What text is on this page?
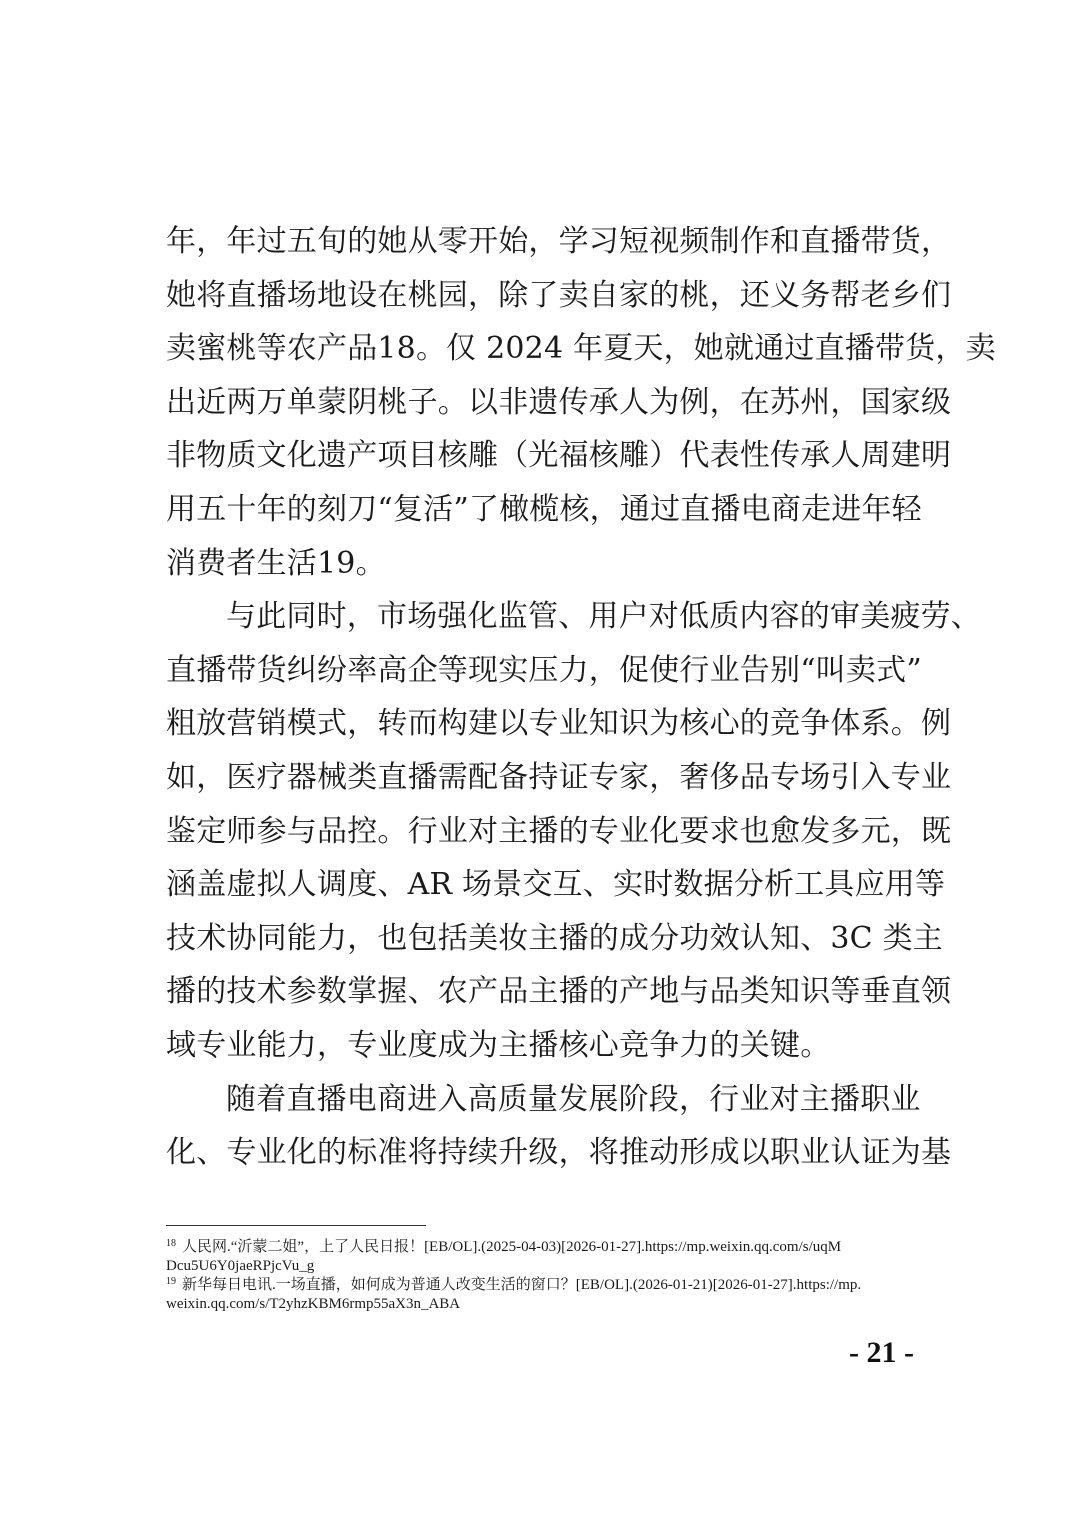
年，年过五旬的她从零开始，学习短视频制作和直播带货，
她将直播场地设在桃园，除了卖自家的桃，还义务帮老乡们
卖蜜桃等农产品18。仅 2024 年夏天，她就通过直播带货，卖
出近两万单蒙阴桃子。以非遗传承人为例，在苏州，国家级
非物质文化遗产项目核雕（光福核雕）代表性传承人周建明
用五十年的刻刀“复活”了橄榄核，通过直播电商走进年轻
消费者生活19。
与此同时，市场强化监管、用户对低质内容的审美疲劳、
直播带货纠纷率高企等现实压力，促使行业告别“叫卖式”
粗放营销模式，转而构建以专业知识为核心的竞争体系。例
如，医疗器械类直播需配备持证专家，奢侈品专场引入专业
鉴定师参与品控。行业对主播的专业化要求也愈发多元，既
涵盖虚拟人调度、AR 场景交互、实时数据分析工具应用等
技术协同能力，也包括美妆主播的成分功效认知、3C 类主
播的技术参数掌握、农产品主播的产地与品类知识等垂直领
域专业能力，专业度成为主播核心竞争力的关键。
随着直播电商进入高质量发展阶段，行业对主播职业
化、专业化的标准将持续升级，将推动形成以职业认证为基
$^{18}$ 人民网.“沂蒙二姐”，上了人民日报！[EB/OL].(2025-04-03)[2026-01-27].https://mp.weixin.qq.com/s/uqM
Dcu5U6Y0jaeRPjcVu_g
$^{19}$ 新华每日电讯.一场直播，如何成为普通人改变生活的窗口？[EB/OL].(2026-01-21)[2026-01-27].https://mp.
weixin.qq.com/s/T2yhzKBM6rmp55aX3n_ABA
- 21 -
